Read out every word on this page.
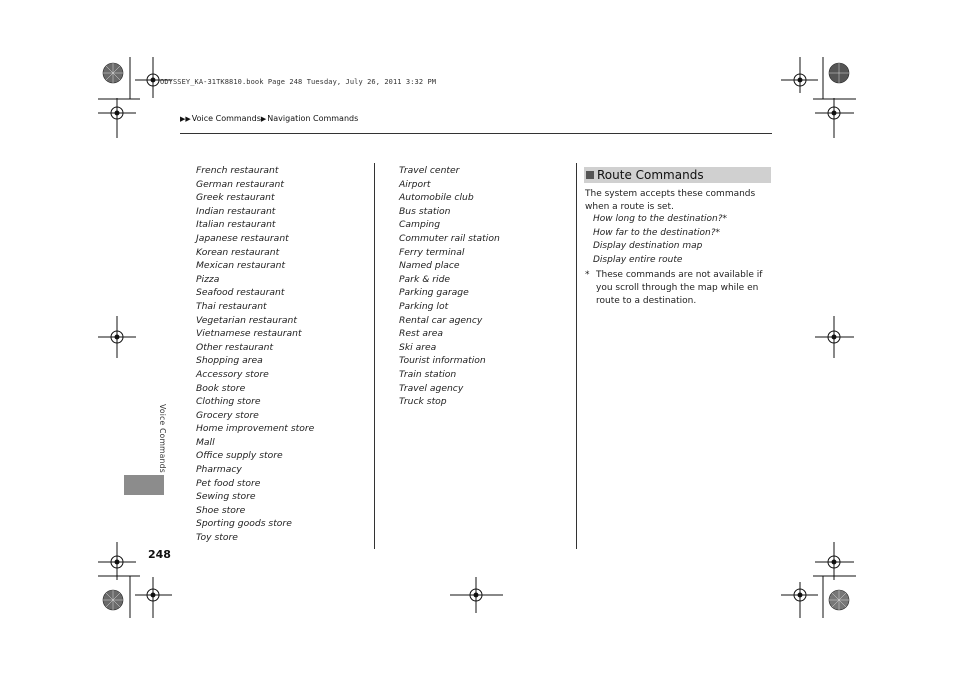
ODYSSEY_KA-31TK8810.book Page 248 Tuesday, July 26, 2011 3:32 PM
▶▶ Voice Commands ▶ Navigation Commands
French restaurant
German restaurant
Greek restaurant
Indian restaurant
Italian restaurant
Japanese restaurant
Korean restaurant
Mexican restaurant
Pizza
Seafood restaurant
Thai restaurant
Vegetarian restaurant
Vietnamese restaurant
Other restaurant
Shopping area
Accessory store
Book store
Clothing store
Grocery store
Home improvement store
Mall
Office supply store
Pharmacy
Pet food store
Sewing store
Shoe store
Sporting goods store
Toy store
Travel center
Airport
Automobile club
Bus station
Camping
Commuter rail station
Ferry terminal
Named place
Park & ride
Parking garage
Parking lot
Rental car agency
Rest area
Ski area
Tourist information
Train station
Travel agency
Truck stop
Route Commands

The system accepts these commands when a route is set.

How long to the destination?*
How far to the destination?*
Display destination map
Display entire route
* These commands are not available if you scroll through the map while en route to a destination.
Voice Commands
248
